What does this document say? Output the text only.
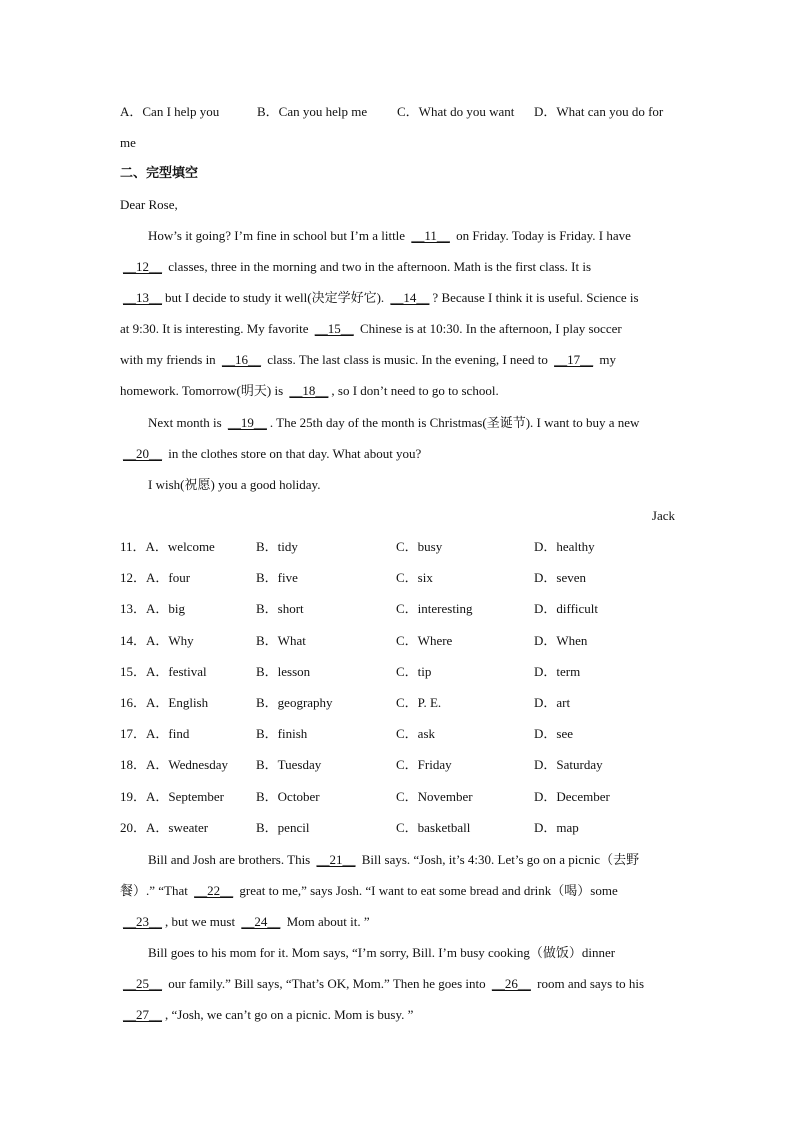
A．Can I help you	B．Can you help me C．What do you want D．What can you do for
me
二、完型填空
Dear Rose,
How’s it going? I’m fine in school but I’m a little __11__ on Friday. Today is Friday. I have
__12__ classes, three in the morning and two in the afternoon. Math is the first class. It is
__13__ but I decide to study it well(决定学好它). __14__ ? Because I think it is useful. Science is
at 9:30. It is interesting. My favorite __15__ Chinese is at 10:30. In the afternoon, I play soccer
with my friends in __16__ class. The last class is music. In the evening, I need to __17__ my
homework. Tomorrow(明天) is __18__ , so I don’t need to go to school.
Next month is __19__ . The 25th day of the month is Christmas(圣诞节). I want to buy a new
__20__ in the clothes store on that day. What about you?
I wish(祝愿) you a good holiday.
Jack
11．A．welcome	B．tidy	C．busy	D．healthy
12．A．four	B．five	C．six	D．seven
13．A．big	B．short	C．interesting	D．difficult
14．A．Why	B．What	C．Where	D．When
15．A．festival	B．lesson	C．tip	D．term
16．A．English	B．geography	C．P. E.	D．art
17．A．find	B．finish	C．ask	D．see
18．A．Wednesday B．Tuesday	C．Friday	D．Saturday
19．A．September B．October	C．November	D．December
20．A．sweater	B．pencil	C．basketball	D．map
Bill and Josh are brothers. This __21__ Bill says. “Josh, it’s 4:30. Let’s go on a picnic（去野
餐）.” “That __22__ great to me,” says Josh. “I want to eat some bread and drink（喝）some
__23__ , but we must __24__ Mom about it. ”
Bill goes to his mom for it. Mom says, “I’m sorry, Bill. I’m busy cooking（做饭）dinner
__25__ our family.” Bill says, “That’s OK, Mom.” Then he goes into __26__ room and says to his
__27__ , “Josh, we can’t go on a picnic. Mom is busy. ”
